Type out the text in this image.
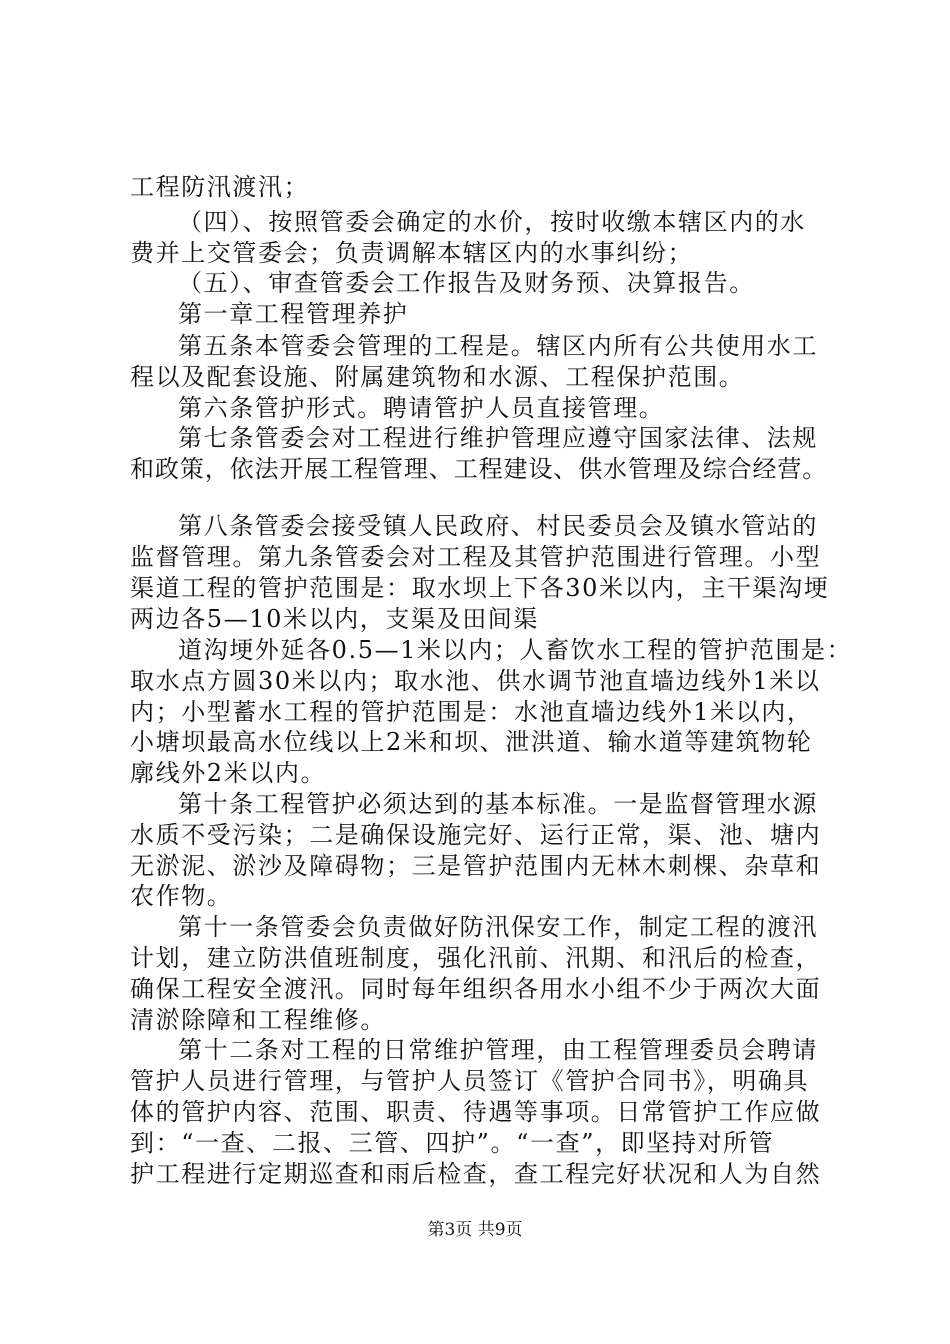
工程防汛渡汛；
（四）、按照管委会确定的水价，按时收缴本辖区内的水
费并上交管委会；负责调解本辖区内的水事纠纷；
（五）、审查管委会工作报告及财务预、决算报告。
第一章工程管理养护
第五条本管委会管理的工程是。辖区内所有公共使用水工
程以及配套设施、附属建筑物和水源、工程保护范围。
第六条管护形式。聘请管护人员直接管理。
第七条管委会对工程进行维护管理应遵守国家法律、法规
和政策，依法开展工程管理、工程建设、供水管理及综合经营。
第八条管委会接受镇人民政府、村民委员会及镇水管站的
监督管理。第九条管委会对工程及其管护范围进行管理。小型
渠道工程的管护范围是：取水坝上下各30米以内，主干渠沟埂
两边各5—10米以内，支渠及田间渠
道沟埂外延各0.5—1米以内；人畜饮水工程的管护范围是：
取水点方圆30米以内；取水池、供水调节池直墙边线外1米以
内；小型蓄水工程的管护范围是：水池直墙边线外1米以内，
小塘坝最高水位线以上2米和坝、泄洪道、输水道等建筑物轮
廓线外2米以内。
第十条工程管护必须达到的基本标准。一是监督管理水源
水质不受污染；二是确保设施完好、运行正常，渠、池、塘内
无淤泥、淤沙及障碍物；三是管护范围内无林木刺棵、杂草和
农作物。
第十一条管委会负责做好防汛保安工作，制定工程的渡汛
计划，建立防洪值班制度，强化汛前、汛期、和汛后的检查，
确保工程安全渡汛。同时每年组织各用水小组不少于两次大面
清淤除障和工程维修。
第十二条对工程的日常维护管理，由工程管理委员会聘请
管护人员进行管理，与管护人员签订《管护合同书》，明确具
体的管护内容、范围、职责、待遇等事项。日常管护工作应做
到：“一查、二报、三管、四护”。“一查”，即坚持对所管
护工程进行定期巡查和雨后检查，查工程完好状况和人为自然
第3页 共9页
